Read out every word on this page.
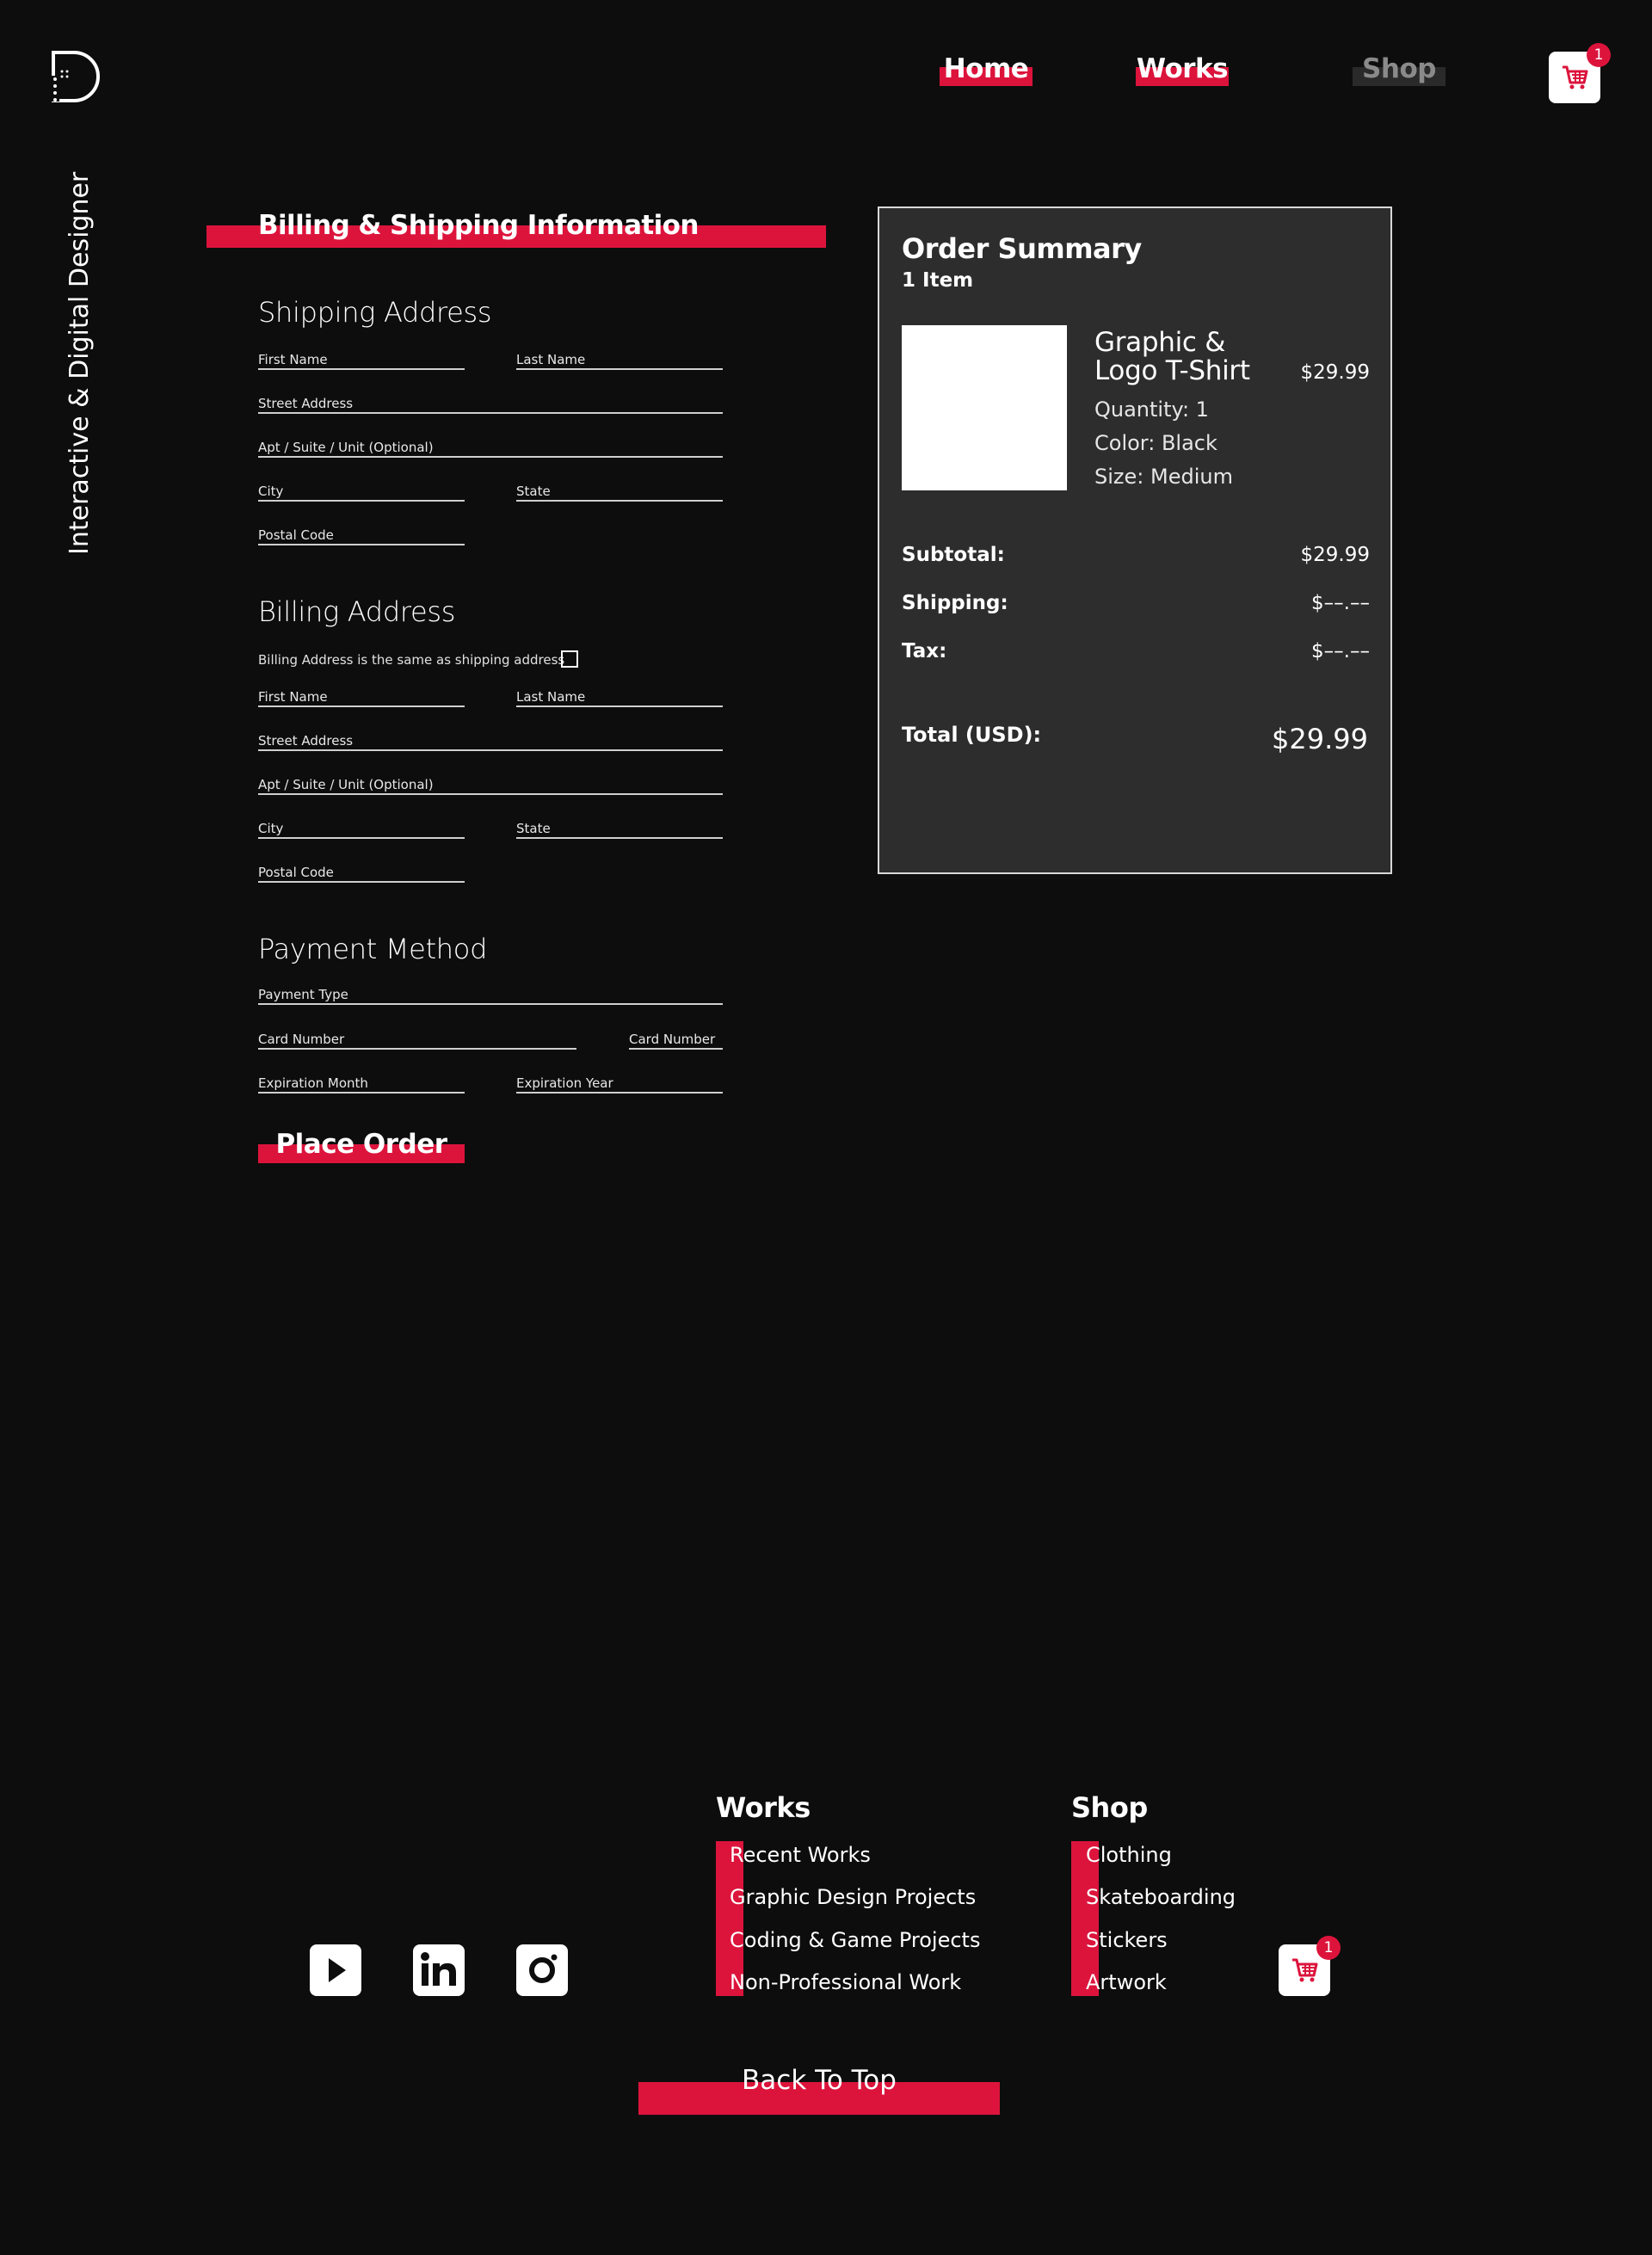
Home	Works	Shop	1
Interactive & Digital Designer	Billing & Shipping Information
Shipping Address
First Name	Last Name
Street Address
Apt / Suite / Unit (Optional)
City	State
Postal Code
Billing Address
Billing Address is the same as shipping address
First Name	Last Name
Street Address
Apt / Suite / Unit (Optional)
City	State
Postal Code
Payment Method
Payment Type
Card Number	Card Number
Expiration Month	Expiration Year
Place Order
Order Summary
1 Item
Graphic & Logo T-Shirt	$29.99
Quantity: 1
Color: Black
Size: Medium
Subtotal:	$29.99
Shipping:	$––.––
Tax:	$––.––
Total (USD):	$29.99
Works
Recent Works
Graphic Design Projects
Coding & Game Projects
Non-Professional Work
Shop
Clothing
Skateboarding
Stickers
Artwork
1
Back To Top
